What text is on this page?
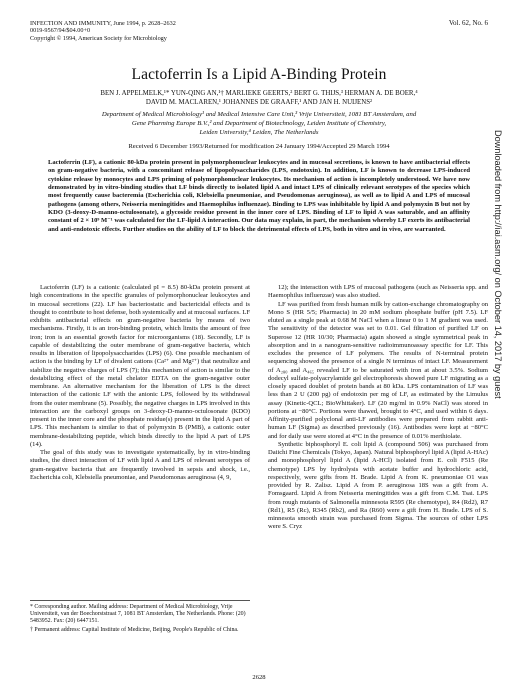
INFECTION AND IMMUNITY, June 1994, p. 2628–2632
0019-9567/94/$04.00+0
Copyright © 1994, American Society for Microbiology
Vol. 62, No. 6
Lactoferrin Is a Lipid A-Binding Protein
BEN J. APPELMELK,¹* YUN-QING AN,¹† MARLIEKE GEERTS,² BERT G. THIJS,³ HERMAN A. DE BOER,⁴
DAVID M. MACLAREN,¹ JOHANNES DE GRAAFF,¹ AND JAN H. NUIJENS²
Department of Medical Microbiology¹ and Medical Intensive Care Unit,³ Vrije Universiteit, 1081 BT Amsterdam, and
Gene Pharming Europe B.V.,² and Department of Biotechnology, Leiden Institute of Chemistry,
Leiden University,⁴ Leiden, The Netherlands
Received 6 December 1993/Returned for modification 24 January 1994/Accepted 29 March 1994
Lactoferrin (LF), a cationic 80-kDa protein present in polymorphonuclear leukocytes and in mucosal secretions, is known to have antibacterial effects on gram-negative bacteria, with a concomitant release of lipopolysaccharides (LPS, endotoxin). In addition, LF is known to decrease LPS-induced cytokine release by monocytes and LPS priming of polymorphonuclear leukocytes. Its mechanism of action is incompletely understood. We have now demonstrated by in vitro-binding studies that LF binds directly to isolated lipid A and intact LPS of clinically relevant serotypes of the species which most frequently cause bacteremia (Escherichia coli, Klebsiella pneumoniae, and Pseudomonas aeruginosa), as well as to lipid A and LPS of mucosal pathogens (among others, Neisseria meningitides and Haemophilus influenzae). Binding to LPS was inhibitable by lipid A and polymyxin B but not by KDO (3-deoxy-D-manno-octulosonate), a glycoside residue present in the inner core of LPS. Binding of LF to lipid A was saturable, and an affinity constant of 2 × 10⁹ M⁻¹ was calculated for the LF-lipid A interaction. Our data may explain, in part, the mechanism whereby LF exerts its antibacterial and anti-endotoxic effects. Further studies on the ability of LF to block the detrimental effects of LPS, both in vitro and in vivo, are warranted.

Lactoferrin (LF) is a cationic (calculated pI = 8.5) 80-kDa protein present at high concentrations in the specific granules of polymorphonuclear leukocytes and in mucosal secretions (22). LF has bacteriostatic and bactericidal effects and is thought to contribute to host defense, both systemically and at mucosal surfaces. LF exhibits antibacterial effects on gram-negative bacteria by means of two mechanisms. Firstly, it is an iron-binding protein, which limits the amount of free iron; iron is an essential growth factor for microorganisms (18). Secondly, LF is capable of destabilizing the outer membrane of gram-negative bacteria, which results in liberation of lipopolysaccharides (LPS) (6). One possible mechanism of action is the binding by LF of divalent cations (Ca²⁺ and Mg²⁺) that neutralize and stabilize the negative charges of LPS (7); this mechanism of action is similar to the destabilizing effect of the metal chelator EDTA on the gram-negative outer membrane. An alternative mechanism for the liberation of LPS is the direct interaction of the cationic LF with the anionic LPS, followed by its withdrawal from the outer membrane (5). Possibly, the negative charges in LPS involved in this interaction are the carboxyl groups on 3-deoxy-D-manno-octulosonate (KDO) present in the inner core and the phosphate residue(s) present in the lipid A part of LPS. This mechanism is similar to that of polymyxin B (PMB), a cationic outer membrane-destabilizing peptide, which binds directly to the lipid A part of LPS (14).

The goal of this study was to investigate systematically, by in vitro-binding studies, the direct interaction of LF with lipid A and LPS of relevant serotypes of gram-negative bacteria that are frequently involved in sepsis and shock, i.e., Escherichia coli, Klebsiella pneumoniae, and Pseudomonas aeruginosa (4, 9,

* Corresponding author. Mailing address: Department of Medical Microbiology, Vrije Universiteit, van der Boechorststraat 7, 1081 BT Amsterdam, The Netherlands. Phone: (20) 5483952. Fax: (20) 6447151.

† Permanent address: Capital Institute of Medicine, Beijing, People's Republic of China.

12); the interaction with LPS of mucosal pathogens (such as Neisseria spp. and Haemophilus influenzae) was also studied.

LF was purified from fresh human milk by cation-exchange chromatography on Mono S (HR 5/5; Pharmacia) in 20 mM sodium phosphate buffer (pH 7.5). LF eluted as a single peak at 0.68 M NaCl when a linear 0 to 1 M gradient was used. The sensitivity of the detector was set to 0.01. Gel filtration of purified LF on Superose 12 (HR 10/30; Pharmacia) again showed a single symmetrical peak in absorption and in a nanogram-sensitive radioimmunoassay specific for LF. This excludes the presence of LF polymers. The results of N-terminal protein sequencing showed the presence of a single N terminus of intact LF. Measurement of A₂₈₀ and A₄₆₅ revealed LF to be saturated with iron at about 3.5%. Sodium dodecyl sulfate-polyacrylamide gel electrophoresis showed pure LF migrating as a closely spaced doublet of protein bands at 80 kDa. LPS contamination of LF was less than 2 U (200 pg) of endotoxin per mg of LF, as estimated by the Limulus assay (Kinetic-QCL; BioWhittaker). LF (20 mg/ml in 0.9% NaCl) was stored in portions at −80°C. Portions were thawed, brought to 4°C, and used within 6 days. Affinity-purified polyclonal anti-LF antibodies were prepared from rabbit anti-human LF (Sigma) as described previously (16). Antibodies were kept at −80°C and for daily use were stored at 4°C in the presence of 0.01% merthiolate.

Synthetic biphosphoryl E. coli lipid A (compound 506) was purchased from Daiichi Fine Chemicals (Tokyo, Japan). Natural biphosphoryl lipid A (lipid A-HAc) and monophosphoryl lipid A (lipid A-HCl) isolated from E. coli F515 (Re chemotype) LPS by hydrolysis with acetate buffer and hydrochloric acid, respectively, were gifts from H. Brade. Lipid A from K. pneumoniae O1 was provided by R. Zalisz. Lipid A from P. aeruginosa 18S was a gift from A. Fomsgaard. Lipid A from Neisseria meningitides was a gift from C.M. Tsai. LPS from rough mutants of Salmonella minnesota R595 (Re chemotype), R4 (Rd2), R7 (Rd1), R5 (Rc), R345 (Rb2), and Ra (R60) were a gift from H. Brade. LPS of S. minnesota smooth strain was purchased from Sigma. The sources of other LPS were S. Cryz

2628
Downloaded from http://iai.asm.org/ on October 14, 2017 by guest
